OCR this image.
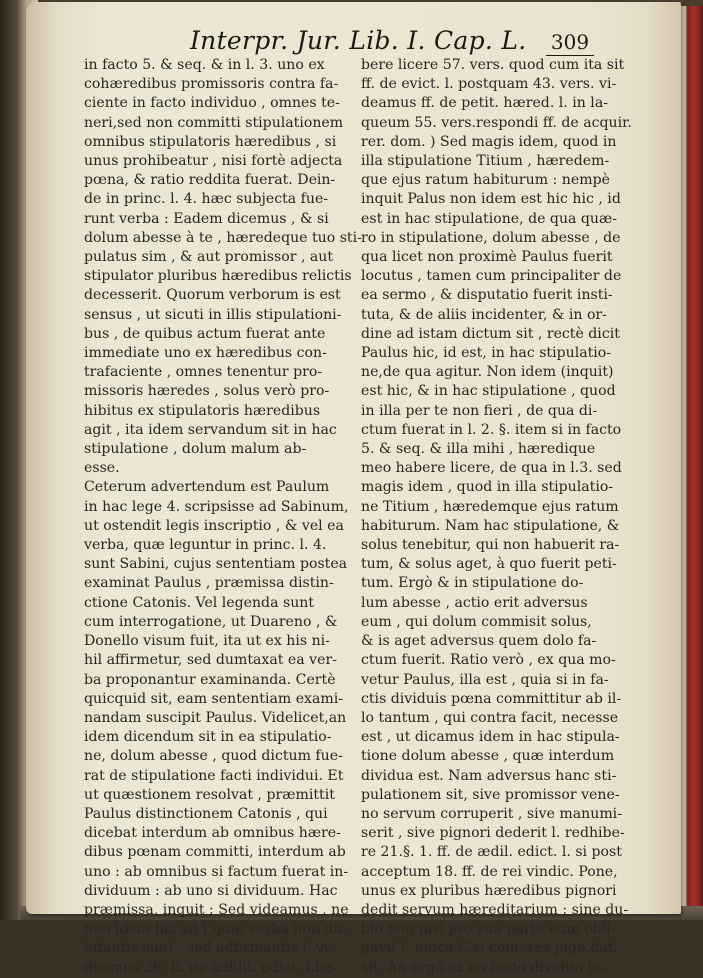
Interpr. Jur. Lib. I. Cap. L. 309
in facto 5. & seq. & in l. 3. uno ex
cohæredibus promissoris contra fa-
ciente in facto individuo , omnes te-
neri,sed non committi stipulationem
omnibus stipulatoris hæredibus , si
unus prohibeatur , nisi fortè adjecta
pœna, & ratio reddita fuerat. Dein-
de in princ. l. 4. hæc subjecta fue-
runt verba : Eadem dicemus , & si
dolum abesse à te , hæredeque tuo sti-
pulatus sim , & aut promissor , aut
stipulator pluribus hæredibus relictis
decesserit. Quorum verborum is est
sensus , ut sicuti in illis stipulationi-
bus , de quibus actum fuerat ante
immediate uno ex hæredibus con-
trafaciente , omnes tenentur pro-
missoris hæredes , solus verò pro-
hibitus ex stipulatoris hæredibus
agit , ita idem servandum sit in hac
stipulatione , dolum malum ab-
esse.
Ceterum advertendum est Paulum
in hac lege 4. scripsisse ad Sabinum,
ut ostendit legis inscriptio , & vel ea
verba, quæ leguntur in princ. l. 4.
sunt Sabini, cujus sententiam postea
examinat Paulus , præmissa distin-
ctione Catonis. Vel legenda sunt
cum interrogatione, ut Duareno , &
Donello visum fuit, ita ut ex his ni-
hil affirmetur, sed dumtaxat ea ver-
ba proponantur examinanda. Certè
quicquid sit, eam sententiam exami-
nandam suscipit Paulus. Videlicet,an
idem dicendum sit in ea stipulatio-
ne, dolum abesse , quod dictum fue-
rat de stipulatione facti individui. Et
ut quæstionem resolvat , præmittit
Paulus distinctionem Catonis , qui
dicebat interdum ab omnibus hære-
dibus pœnam committi, interdum ab
uno : ab omnibus si factum fuerat in-
dividuum : ab uno si dividuum. Hac
præmissa, inquit : Sed videamus , ne
non idem hic sit ( quæ verba non du-
bitantis sunt , sed adfirmantis l. vi-
deamus 26. ff. de ædilit. edict. l.ba-
bere licere 57. vers. quod cum ita sit
ff. de evict. l. postquam 43. vers. vi-
deamus ff. de petit. hæred. l. in la-
queum 55. vers.respondi ff. de acquir.
rer. dom. ) Sed magis idem, quod in
illa stipulatione Titium , hæredem-
que ejus ratum habiturum : nempè
inquit Palus non idem est hic hic , id
est in hac stipulatione, de qua quæ-
ro in stipulatione, dolum abesse , de
qua licet non proximè Paulus fuerit
locutus , tamen cum principaliter de
ea sermo , & disputatio fuerit insti-
tuta, & de aliis incidenter, & in or-
dine ad istam dictum sit , rectè dicit
Paulus hic, id est, in hac stipulatio-
ne,de qua agitur. Non idem (inquit)
est hic, & in hac stipulatione , quod
in illa per te non fieri , de qua di-
ctum fuerat in l. 2. §. item si in facto
5. & seq. & illa mihi , hæredique
meo habere licere, de qua in l.3. sed
magis idem , quod in illa stipulatio-
ne Titium , hæredemque ejus ratum
habiturum. Nam hac stipulatione, &
solus tenebitur, qui non habuerit ra-
tum, & solus aget, à quo fuerit peti-
tum. Ergò & in stipulatione do-
lum abesse , actio erit adversus
eum , qui dolum commisit solus,
& is aget adversus quem dolo fa-
ctum fuerit. Ratio verò , ex qua mo-
vetur Paulus, illa est , quia si in fa-
ctis dividuis pœna committitur ab il-
lo tantum , qui contra facit, necesse
est , ut dicamus idem in hac stipula-
tione dolum abesse , quæ interdum
dividua est. Nam adversus hanc sti-
pulationem sit, sive promissor vene-
no servum corruperit , sive manumi-
serit , sive pignori dederit l. redhibe-
re 21.§. 1. ff. de ædil. edict. l. si post
acceptum 18. ff. de rei vindic. Pone,
unus ex pluribus hæredibus pignori
dedit servum hæreditarium ; sine du-
bio non nisi pro sua parte eum obli-
gavit l. unica C.si com. res pign.dat.
sit. An ergò ex eo facto dividuo te-
